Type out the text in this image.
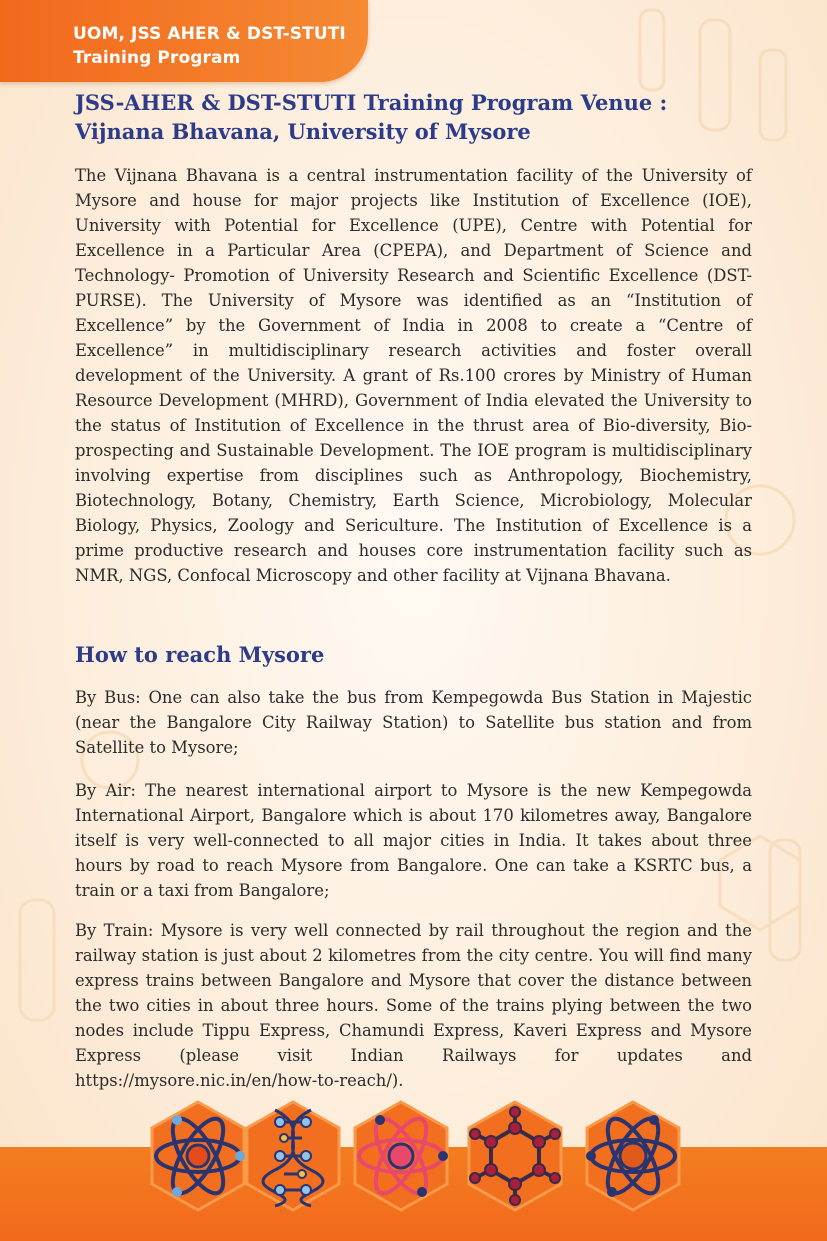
UOM, JSS AHER & DST-STUTI
Training Program
JSS-AHER & DST-STUTI Training Program Venue :
Vijnana Bhavana, University of Mysore

The Vijnana Bhavana is a central instrumentation facility of the University of Mysore and house for major projects like Institution of Excellence (IOE), University with Potential for Excellence (UPE), Centre with Potential for Excellence in a Particular Area (CPEPA), and Department of Science and Technology- Promotion of University Research and Scientific Excellence (DST-PURSE). The University of Mysore was identified as an “Institution of Excellence” by the Government of India in 2008 to create a “Centre of Excellence” in multidisciplinary research activities and foster overall development of the University. A grant of Rs.100 crores by Ministry of Human Resource Development (MHRD), Government of India elevated the University to the status of Institution of Excellence in the thrust area of Bio-diversity, Bio-prospecting and Sustainable Development. The IOE program is multidisciplinary involving expertise from disciplines such as Anthropology, Biochemistry, Biotechnology, Botany, Chemistry, Earth Science, Microbiology, Molecular Biology, Physics, Zoology and Sericulture. The Institution of Excellence is a prime productive research and houses core instrumentation facility such as NMR, NGS, Confocal Microscopy and other facility at Vijnana Bhavana.

How to reach Mysore

By Bus: One can also take the bus from Kempegowda Bus Station in Majestic (near the Bangalore City Railway Station) to Satellite bus station and from Satellite to Mysore;

By Air: The nearest international airport to Mysore is the new Kempegowda International Airport, Bangalore which is about 170 kilometres away, Bangalore itself is very well-connected to all major cities in India. It takes about three hours by road to reach Mysore from Bangalore. One can take a KSRTC bus, a train or a taxi from Bangalore;

By Train: Mysore is very well connected by rail throughout the region and the railway station is just about 2 kilometres from the city centre. You will find many express trains between Bangalore and Mysore that cover the distance between the two cities in about three hours. Some of the trains plying between the two nodes include Tippu Express, Chamundi Express, Kaveri Express and Mysore Express (please visit Indian Railways for updates and https://mysore.nic.in/en/how-to-reach/).
